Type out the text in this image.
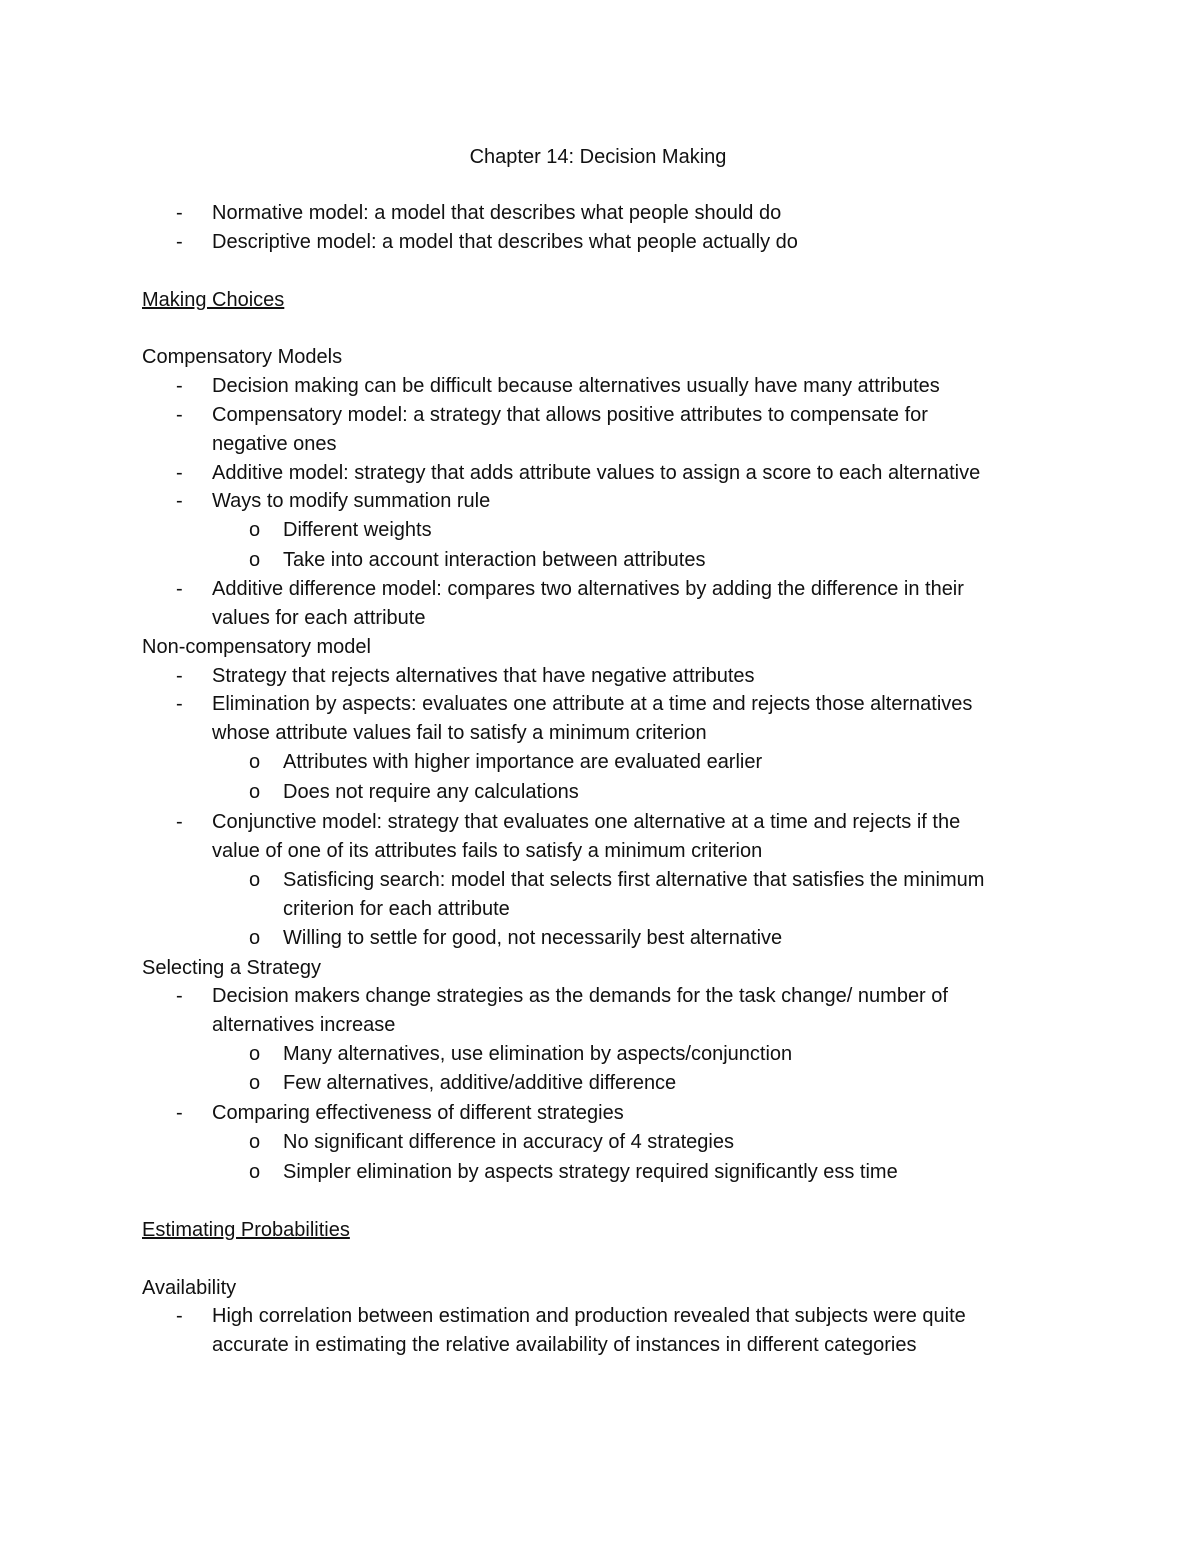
Chapter 14: Decision Making
- Normative model: a model that describes what people should do
- Descriptive model: a model that describes what people actually do
Making Choices
Compensatory Models
- Decision making can be difficult because alternatives usually have many attributes
- Compensatory model: a strategy that allows positive attributes to compensate for
negative ones
- Additive model: strategy that adds attribute values to assign a score to each alternative
- Ways to modify summation rule
o Different weights
o Take into account interaction between attributes
- Additive difference model: compares two alternatives by adding the difference in their
values for each attribute
Non-compensatory model
- Strategy that rejects alternatives that have negative attributes
- Elimination by aspects: evaluates one attribute at a time and rejects those alternatives
whose attribute values fail to satisfy a minimum criterion
o Attributes with higher importance are evaluated earlier
o Does not require any calculations
- Conjunctive model: strategy that evaluates one alternative at a time and rejects if the
value of one of its attributes fails to satisfy a minimum criterion
o Satisficing search: model that selects first alternative that satisfies the minimum
criterion for each attribute
o Willing to settle for good, not necessarily best alternative
Selecting a Strategy
- Decision makers change strategies as the demands for the task change/ number of
alternatives increase
o Many alternatives, use elimination by aspects/conjunction
o Few alternatives, additive/additive difference
- Comparing effectiveness of different strategies
o No significant difference in accuracy of 4 strategies
o Simpler elimination by aspects strategy required significantly ess time
Estimating Probabilities
Availability
- High correlation between estimation and production revealed that subjects were quite
accurate in estimating the relative availability of instances in different categories
